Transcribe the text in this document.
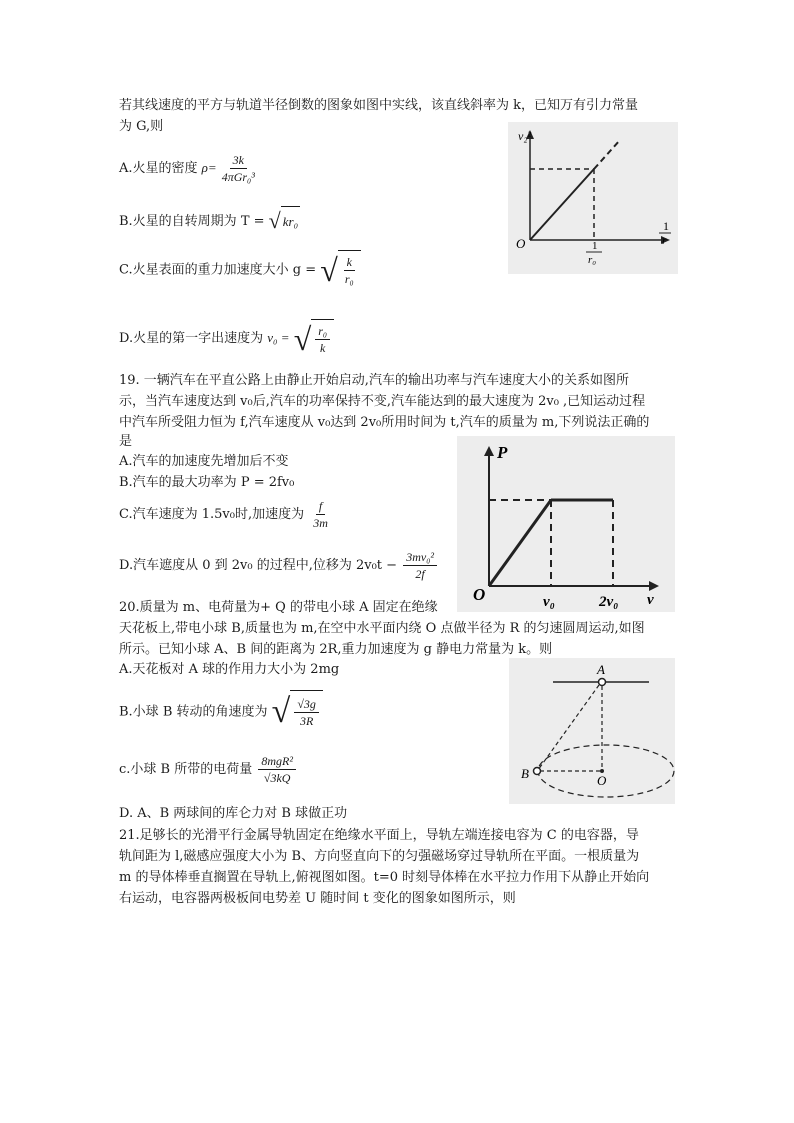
若其线速度的平方与轨道半径倒数的图象如图中实线，该直线斜率为 k，已知万有引力常量
为 G,则
A.火星的密度 $\rho= \frac{3k}{\text{4πGr₀³}}$
B.火星的自转周期为 T = √ kr₀
C.火星表面的重力加速度大小 g = √ $\frac{k}{\text{r₀}}$
D.火星的第一字出速度为 v₀ = √ $\frac{\text{r₀}}{k}$
v₂²
O	1
r₀
1
r
19. 一辆汽车在平直公路上由静止开始启动,汽车的输出功率与汽车速度大小的关系如图所
示，当汽车速度达到 v₀后,汽车的功率保持不变,汽车能达到的最大速度为 2v₀ ,已知运动过程
中汽车所受阻力恒为 f,汽车速度从 v₀达到 2v₀所用时间为 t,汽车的质量为 m,下列说法正确的
是
A.汽车的加速度先增加后不变
B.汽车的最大功率为 P = 2fv₀
C.汽车速度为 1.5v₀时,加速度为 $\frac{f}{3m}$
D.汽车遮度从 0 到 2v₀ 的过程中,位移为 $2v_0t - \frac{\text{3mv₀²}}{2f}$
P
O	v₀	2v₀ v
20.质量为 m、电荷量为+ Q 的带电小球 A 固定在绝缘
天花板上,带电小球 B,质量也为 m,在空中水平面内绕 O 点做半径为 R 的匀速圆周运动,如图
所示。已知小球 A、B 间的距离为 2R,重力加速度为 g 静电力常量为 k。则
A.天花板对 A 球的作用力大小为 2mg
B.小球 B 转动的角速度为 √ $\frac{√3g}{3R}$
c.小球 B 所带的电荷量 $\frac{\text{8mgR²}}{√3kQ}$
D. A、B 两球间的库仑力对 B 球做正功
A
B	O
21.足够长的光滑平行金属导轨固定在绝缘水平面上，导轨左端连接电容为 C 的电容器，导
轨间距为 l,磁感应强度大小为 B、方向竖直向下的匀强磁场穿过导轨所在平面。一根质量为
m 的导体棒垂直搁置在导轨上,俯视图如图。t=0 时刻导体棒在水平拉力作用下从静止开始向
右运动，电容器两极板间电势差 U 随时间 t 变化的图象如图所示，则
